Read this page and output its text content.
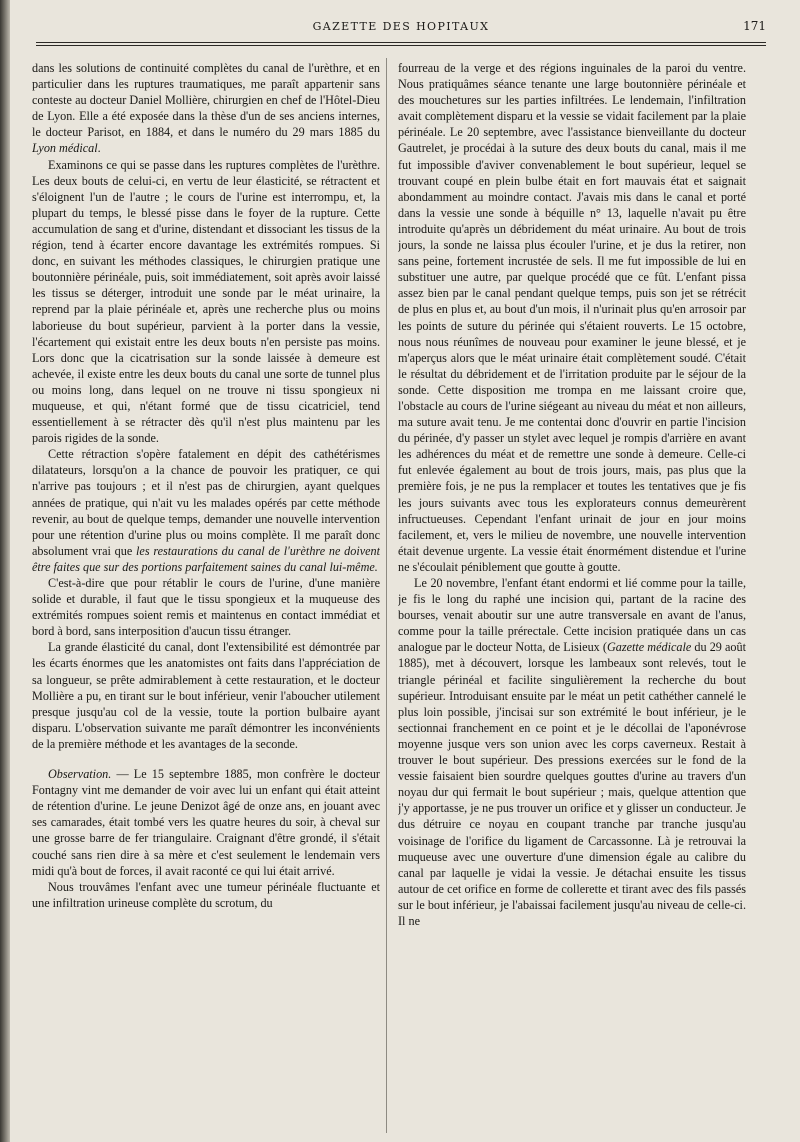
GAZETTE DES HOPITAUX	171

dans les solutions de continuité complètes du canal de l'urèthre, et en particulier dans les ruptures traumatiques, me paraît appartenir sans conteste au docteur Daniel Mollière, chirurgien en chef de l'Hôtel-Dieu de Lyon. Elle a été exposée dans la thèse d'un de ses anciens internes, le docteur Parisot, en 1884, et dans le numéro du 29 mars 1885 du Lyon médical.

Examinons ce qui se passe dans les ruptures complètes de l'urèthre. Les deux bouts de celui-ci, en vertu de leur élasticité, se rétractent et s'éloignent l'un de l'autre ; le cours de l'urine est interrompu, et, la plupart du temps, le blessé pisse dans le foyer de la rupture. Cette accumulation de sang et d'urine, distendant et dissociant les tissus de la région, tend à écarter encore davantage les extrémités rompues. Si donc, en suivant les méthodes classiques, le chirurgien pratique une boutonnière périnéale, puis, soit immédiatement, soit après avoir laissé les tissus se déterger, introduit une sonde par le méat urinaire, la reprend par la plaie périnéale et, après une recherche plus ou moins laborieuse du bout supérieur, parvient à la porter dans la vessie, l'écartement qui existait entre les deux bouts n'en persiste pas moins. Lors donc que la cicatrisation sur la sonde laissée à demeure est achevée, il existe entre les deux bouts du canal une sorte de tunnel plus ou moins long, dans lequel on ne trouve ni tissu spongieux ni muqueuse, et qui, n'étant formé que de tissu cicatriciel, tend essentiellement à se rétracter dès qu'il n'est plus maintenu par les parois rigides de la sonde.

Cette rétraction s'opère fatalement en dépit des cathétérismes dilatateurs, lorsqu'on a la chance de pouvoir les pratiquer, ce qui n'arrive pas toujours ; et il n'est pas de chirurgien, ayant quelques années de pratique, qui n'ait vu les malades opérés par cette méthode revenir, au bout de quelque temps, demander une nouvelle intervention pour une rétention d'urine plus ou moins complète. Il me paraît donc absolument vrai que les restaurations du canal de l'urèthre ne doivent être faites que sur des portions parfaitement saines du canal lui-même.

C'est-à-dire que pour rétablir le cours de l'urine, d'une manière solide et durable, il faut que le tissu spongieux et la muqueuse des extrémités rompues soient remis et maintenus en contact immédiat et bord à bord, sans interposition d'aucun tissu étranger.

La grande élasticité du canal, dont l'extensibilité est démontrée par les écarts énormes que les anatomistes ont faits dans l'appréciation de sa longueur, se prête admirablement à cette restauration, et le docteur Mollière a pu, en tirant sur le bout inférieur, venir l'aboucher utilement presque jusqu'au col de la vessie, toute la portion bulbaire ayant disparu. L'observation suivante me paraît démontrer les inconvénients de la première méthode et les avantages de la seconde.

Observation. — Le 15 septembre 1885, mon confrère le docteur Fontagny vint me demander de voir avec lui un enfant qui était atteint de rétention d'urine. Le jeune Denizot âgé de onze ans, en jouant avec ses camarades, était tombé vers les quatre heures du soir, à cheval sur une grosse barre de fer triangulaire. Craignant d'être grondé, il s'était couché sans rien dire à sa mère et c'est seulement le lendemain vers midi qu'à bout de forces, il avait raconté ce qui lui était arrivé.

Nous trouvâmes l'enfant avec une tumeur périnéale fluctuante et une infiltration urineuse complète du scrotum, du

fourreau de la verge et des régions inguinales de la paroi du ventre. Nous pratiquâmes séance tenante une large boutonnière périnéale et des mouchetures sur les parties infiltrées. Le lendemain, l'infiltration avait complètement disparu et la vessie se vidait facilement par la plaie périnéale. Le 20 septembre, avec l'assistance bienveillante du docteur Gautrelet, je procédai à la suture des deux bouts du canal, mais il me fut impossible d'aviver convenablement le bout supérieur, lequel se trouvant coupé en plein bulbe était en fort mauvais état et saignait abondamment au moindre contact. J'avais mis dans le canal et porté dans la vessie une sonde à béquille n° 13, laquelle n'avait pu être introduite qu'après un débridement du méat urinaire. Au bout de trois jours, la sonde ne laissa plus écouler l'urine, et je dus la retirer, non sans peine, fortement incrustée de sels. Il me fut impossible de lui en substituer une autre, par quelque procédé que ce fût. L'enfant pissa assez bien par le canal pendant quelque temps, puis son jet se rétrécit de plus en plus et, au bout d'un mois, il n'urinait plus qu'en arrosoir par les points de suture du périnée qui s'étaient rouverts. Le 15 octobre, nous nous réunîmes de nouveau pour examiner le jeune blessé, et je m'aperçus alors que le méat urinaire était complètement soudé. C'était le résultat du débridement et de l'irritation produite par le séjour de la sonde. Cette disposition me trompa en me laissant croire que, l'obstacle au cours de l'urine siégeant au niveau du méat et non ailleurs, ma suture avait tenu. Je me contentai donc d'ouvrir en partie l'incision du périnée, d'y passer un stylet avec lequel je rompis d'arrière en avant les adhérences du méat et de remettre une sonde à demeure. Celle-ci fut enlevée également au bout de trois jours, mais, pas plus que la première fois, je ne pus la remplacer et toutes les tentatives que je fis les jours suivants avec tous les explorateurs connus demeurèrent infructueuses. Cependant l'enfant urinait de jour en jour moins facilement, et, vers le milieu de novembre, une nouvelle intervention était devenue urgente. La vessie était énormément distendue et l'urine ne s'écoulait péniblement que goutte à goutte.

Le 20 novembre, l'enfant étant endormi et lié comme pour la taille, je fis le long du raphé une incision qui, partant de la racine des bourses, venait aboutir sur une autre transversale en avant de l'anus, comme pour la taille prérectale. Cette incision pratiquée dans un cas analogue par le docteur Notta, de Lisieux (Gazette médicale du 29 août 1885), met à découvert, lorsque les lambeaux sont relevés, tout le triangle périnéal et facilite singulièrement la recherche du bout supérieur. Introduisant ensuite par le méat un petit cathéther cannelé le plus loin possible, j'incisai sur son extrémité le bout inférieur, je le sectionnai franchement en ce point et je le décollai de l'aponévrose moyenne jusque vers son union avec les corps caverneux. Restait à trouver le bout supérieur. Des pressions exercées sur le fond de la vessie faisaient bien sourdre quelques gouttes d'urine au travers d'un noyau dur qui fermait le bout supérieur ; mais, quelque attention que j'y apportasse, je ne pus trouver un orifice et y glisser un conducteur. Je dus détruire ce noyau en coupant tranche par tranche jusqu'au voisinage de l'orifice du ligament de Carcassonne. Là je retrouvai la muqueuse avec une ouverture d'une dimension égale au calibre du canal par laquelle je vidai la vessie. Je détachai ensuite les tissus autour de cet orifice en forme de collerette et tirant avec des fils passés sur le bout inférieur, je l'abaissai facilement jusqu'au niveau de celle-ci. Il ne
